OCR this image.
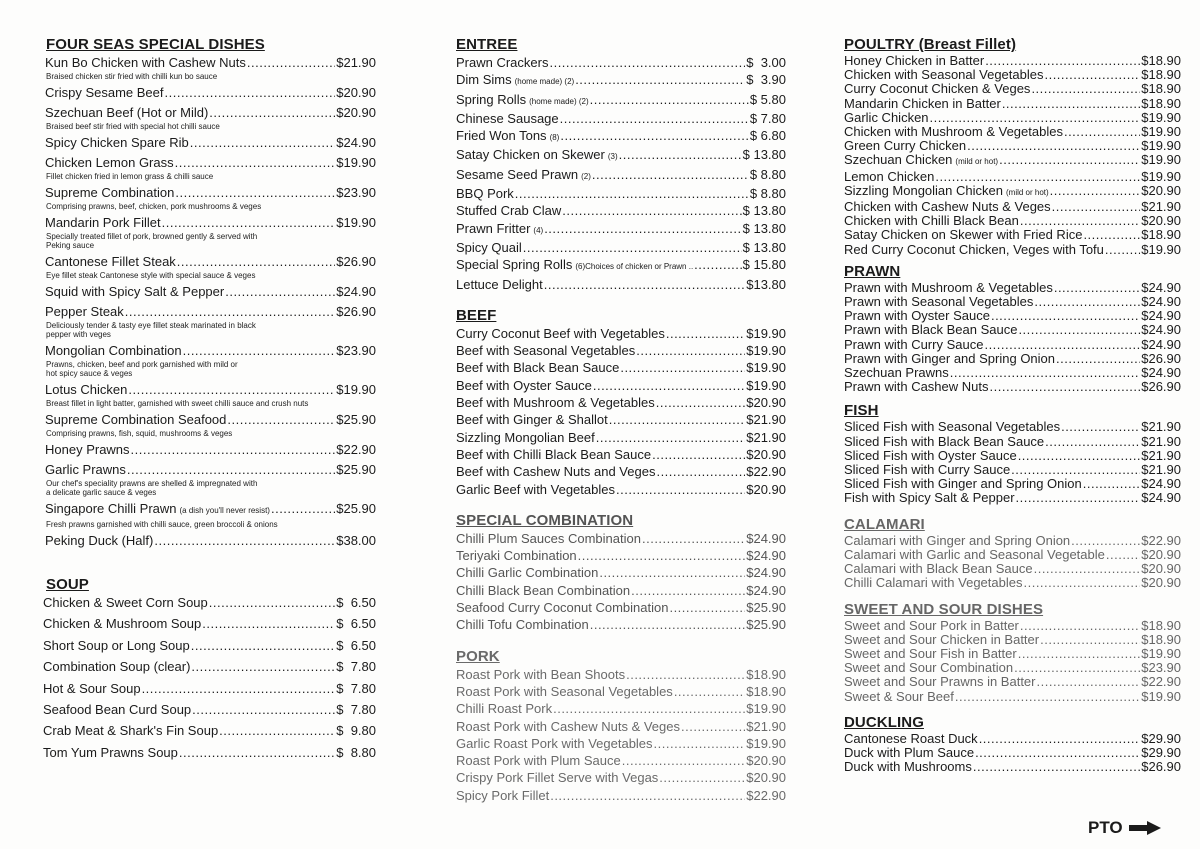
FOUR SEAS SPECIAL DISHES
Kun Bo Chicken with Cashew Nuts .....	$21.90
Braised chicken stir fried with chilli kun bo sauce
Crispy Sesame Beef .....	$20.90
Szechuan Beef (Hot or Mild) .....	$20.90
Braised beef stir fried with special hot chilli sauce
Spicy Chicken Spare Rib .....	$24.90
Chicken Lemon Grass .....	$19.90
Fillet chicken fried in lemon grass & chilli sauce
Supreme Combination .....	$23.90
Comprising prawns, beef, chicken, pork mushrooms & veges
Mandarin Pork Fillet .....	$19.90
Specially treated fillet of pork, browned gently & served with
Peking sauce
Cantonese Fillet Steak .....	$26.90
Eye fillet steak Cantonese style with special sauce & veges
Squid with Spicy Salt & Pepper .....	$24.90
Pepper Steak .....	$26.90
Deliciously tender & tasty eye fillet steak marinated in black
pepper with veges
Mongolian Combination .....	$23.90
Prawns, chicken, beef and pork garnished with mild or
hot spicy sauce & veges
Lotus Chicken .....	$19.90
Breast fillet in light batter, garnished with sweet chilli sauce and crush nuts
Supreme Combination Seafood .....	$25.90
Comprising prawns, fish, squid, mushrooms & veges
Honey Prawns .....	$22.90
Garlic Prawns .....	$25.90
Our chef's speciality prawns are shelled & impregnated with
a delicate garlic sauce & veges
Singapore Chilli Prawn (a dish you'll never resist) .....	$25.90
Fresh prawns garnished with chilli sauce, green broccoli & onions
Peking Duck (Half) .....	$38.00
SOUP
Chicken & Sweet Corn Soup .....	$  6.50
Chicken & Mushroom Soup .....	$  6.50
Short Soup or Long Soup .....	$  6.50
Combination Soup (clear) .....	$  7.80
Hot & Sour Soup .....	$  7.80
Seafood Bean Curd Soup .....	$  7.80
Crab Meat & Shark's Fin Soup .....	$  9.80
Tom Yum Prawns Soup .....	$  8.80
ENTREE
Prawn Crackers .....	$  3.00
Dim Sims (home made) (2) .....	$  3.90
Spring Rolls (home made) (2) .....	$ 5.80
Chinese Sausage .....	$ 7.80
Fried Won Tons (8) .....	$ 6.80
Satay Chicken on Skewer (3) .....	$ 13.80
Sesame Seed Prawn (2) .....	$ 8.80
BBQ Pork .....	$ 8.80
Stuffed Crab Claw .....	$ 13.80
Prawn Fritter (4) .....	$ 13.80
Spicy Quail .....	$ 13.80
Special Spring Rolls (6)Choices of chicken or Prawn .. .....	$ 15.80
Lettuce Delight .....	$13.80
BEEF
Curry Coconut Beef with Vegetables .....	$19.90
Beef with Seasonal Vegetables .....	$19.90
Beef with Black Bean Sauce .....	$19.90
Beef with Oyster Sauce .....	$19.90
Beef with Mushroom & Vegetables .....	$20.90
Beef with Ginger & Shallot .....	$21.90
Sizzling Mongolian Beef .....	$21.90
Beef with Chilli Black Bean Sauce .....	$20.90
Beef with Cashew Nuts and Veges .....	$22.90
Garlic Beef with Vegetables .....	$20.90
SPECIAL COMBINATION
Chilli Plum Sauces Combination .....	$24.90
Teriyaki Combination .....	$24.90
Chilli Garlic Combination .....	$24.90
Chilli Black Bean Combination .....	$24.90
Seafood Curry Coconut Combination .....	$25.90
Chilli Tofu Combination .....	$25.90
PORK
Roast Pork with Bean Shoots .....	$18.90
Roast Pork with Seasonal Vegetables .....	$18.90
Chilli Roast Pork .....	$19.90
Roast Pork with Cashew Nuts & Veges .....	$21.90
Garlic Roast Pork with Vegetables .....	$19.90
Roast Pork with Plum Sauce .....	$20.90
Crispy Pork Fillet Serve with Vegas .....	$20.90
Spicy Pork Fillet .....	$22.90
POULTRY (Breast Fillet)
Honey Chicken in Batter .....	$18.90
Chicken with Seasonal Vegetables .....	$18.90
Curry Coconut Chicken & Veges .....	$18.90
Mandarin Chicken in Batter .....	$18.90
Garlic Chicken .....	$19.90
Chicken with Mushroom & Vegetables .....	$19.90
Green Curry Chicken .....	$19.90
Szechuan Chicken (mild or hot) .....	$19.90
Lemon Chicken .....	$19.90
Sizzling Mongolian Chicken (mild or hot) .....	$20.90
Chicken with Cashew Nuts & Veges .....	$21.90
Chicken with Chilli Black Bean .....	$20.90
Satay Chicken on Skewer with Fried Rice .....	$18.90
Red Curry Coconut Chicken, Veges with Tofu .....	$19.90
PRAWN
Prawn with Mushroom & Vegetables .....	$24.90
Prawn with Seasonal Vegetables .....	$24.90
Prawn with Oyster Sauce .....	$24.90
Prawn with Black Bean Sauce .....	$24.90
Prawn with Curry Sauce .....	$24.90
Prawn with Ginger and Spring Onion .....	$26.90
Szechuan Prawns .....	$24.90
Prawn with Cashew Nuts .....	$26.90
FISH
Sliced Fish with Seasonal Vegetables .....	$21.90
Sliced Fish with Black Bean Sauce .....	$21.90
Sliced Fish with Oyster Sauce .....	$21.90
Sliced Fish with Curry Sauce .....	$21.90
Sliced Fish with Ginger and Spring Onion .....	$24.90
Fish with Spicy Salt & Pepper .....	$24.90
CALAMARI
Calamari with Ginger and Spring Onion .....	$22.90
Calamari with Garlic and Seasonal Vegetable .....	$20.90
Calamari with Black Bean Sauce .....	$20.90
Chilli Calamari with Vegetables .....	$20.90
SWEET AND SOUR DISHES
Sweet and Sour Pork in Batter .....	$18.90
Sweet and Sour Chicken in Batter .....	$18.90
Sweet and Sour Fish in Batter .....	$19.90
Sweet and Sour Combination .....	$23.90
Sweet and Sour Prawns in Batter .....	$22.90
Sweet & Sour Beef .....	$19.90
DUCKLING
Cantonese Roast Duck .....	$29.90
Duck with Plum Sauce .....	$29.90
Duck with Mushrooms .....	$26.90
PTO
